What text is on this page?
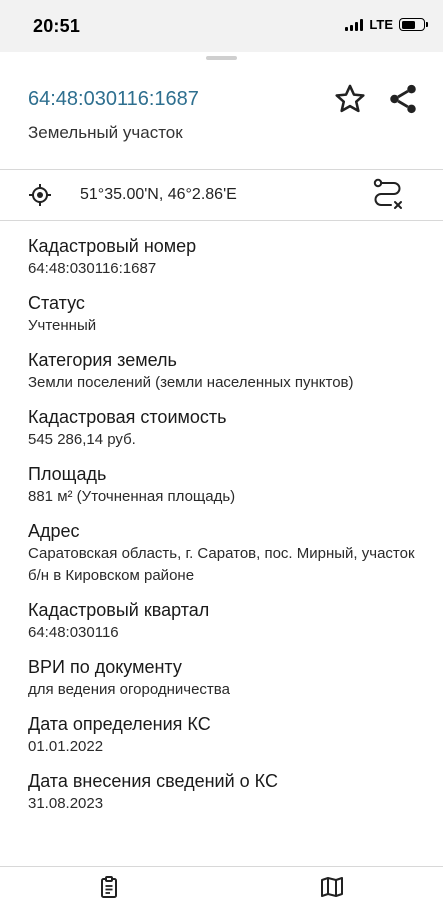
20:51	LTE
64:48:030116:1687
Земельный участок
51°35.00'N, 46°2.86'E
Кадастровый номер
64:48:030116:1687
Статус
Учтенный
Категория земель
Земли поселений (земли населенных пунктов)
Кадастровая стоимость
545 286,14 руб.
Площадь
881 м² (Уточненная площадь)
Адрес
Саратовская область, г. Саратов, пос. Мирный, участок б/н в Кировском районе
Кадастровый квартал
64:48:030116
ВРИ по документу
для ведения огородничества
Дата определения КС
01.01.2022
Дата внесения сведений о КС
31.08.2023
